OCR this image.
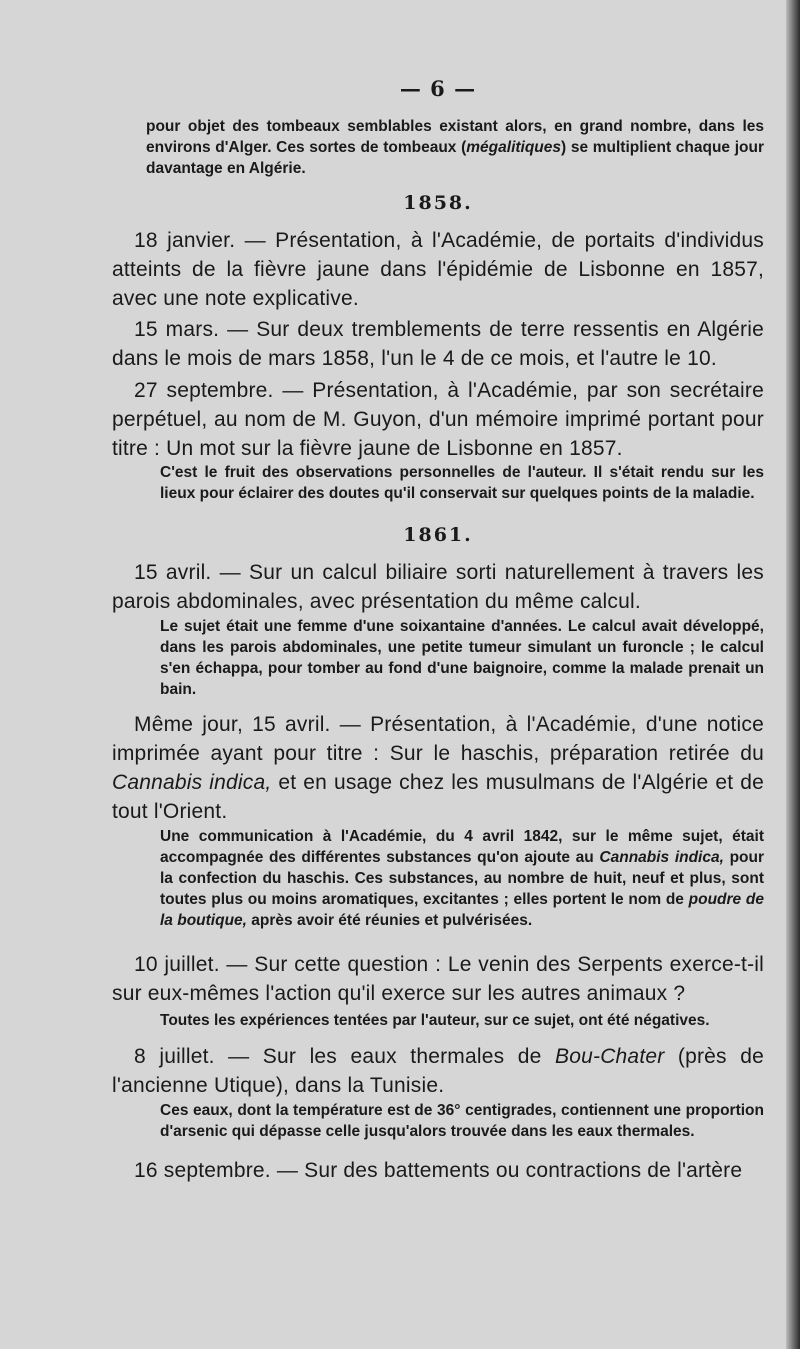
— 6 —

pour objet des tombeaux semblables existant alors, en grand nombre, dans les environs d'Alger. Ces sortes de tombeaux (mégalitiques) se multiplient chaque jour davantage en Algérie.

1858.

18 janvier. — Présentation, à l'Académie, de portaits d'individus atteints de la fièvre jaune dans l'épidémie de Lisbonne en 1857, avec une note explicative.

15 mars. — Sur deux tremblements de terre ressentis en Algérie dans le mois de mars 1858, l'un le 4 de ce mois, et l'autre le 10.

27 septembre. — Présentation, à l'Académie, par son secrétaire perpétuel, au nom de M. Guyon, d'un mémoire imprimé portant pour titre : Un mot sur la fièvre jaune de Lisbonne en 1857.

C'est le fruit des observations personnelles de l'auteur. Il s'était rendu sur les lieux pour éclairer des doutes qu'il conservait sur quelques points de la maladie.

1861.

15 avril. — Sur un calcul biliaire sorti naturellement à travers les parois abdominales, avec présentation du même calcul.

Le sujet était une femme d'une soixantaine d'années. Le calcul avait développé, dans les parois abdominales, une petite tumeur simulant un furoncle ; le calcul s'en échappa, pour tomber au fond d'une baignoire, comme la malade prenait un bain.

Même jour, 15 avril. — Présentation, à l'Académie, d'une notice imprimée ayant pour titre : Sur le haschis, préparation retirée du Cannabis indica, et en usage chez les musulmans de l'Algérie et de tout l'Orient.

Une communication à l'Académie, du 4 avril 1842, sur le même sujet, était accompagnée des différentes substances qu'on ajoute au Cannabis indica, pour la confection du haschis. Ces substances, au nombre de huit, neuf et plus, sont toutes plus ou moins aromatiques, excitantes ; elles portent le nom de poudre de la boutique, après avoir été réunies et pulvérisées.

10 juillet. — Sur cette question : Le venin des Serpents exerce-t-il sur eux-mêmes l'action qu'il exerce sur les autres animaux ?

Toutes les expériences tentées par l'auteur, sur ce sujet, ont été négatives.

8 juillet. — Sur les eaux thermales de Bou-Chater (près de l'ancienne Utique), dans la Tunisie.

Ces eaux, dont la température est de 36° centigrades, contiennent une proportion d'arsenic qui dépasse celle jusqu'alors trouvée dans les eaux thermales.

16 septembre. — Sur des battements ou contractions de l'artère
